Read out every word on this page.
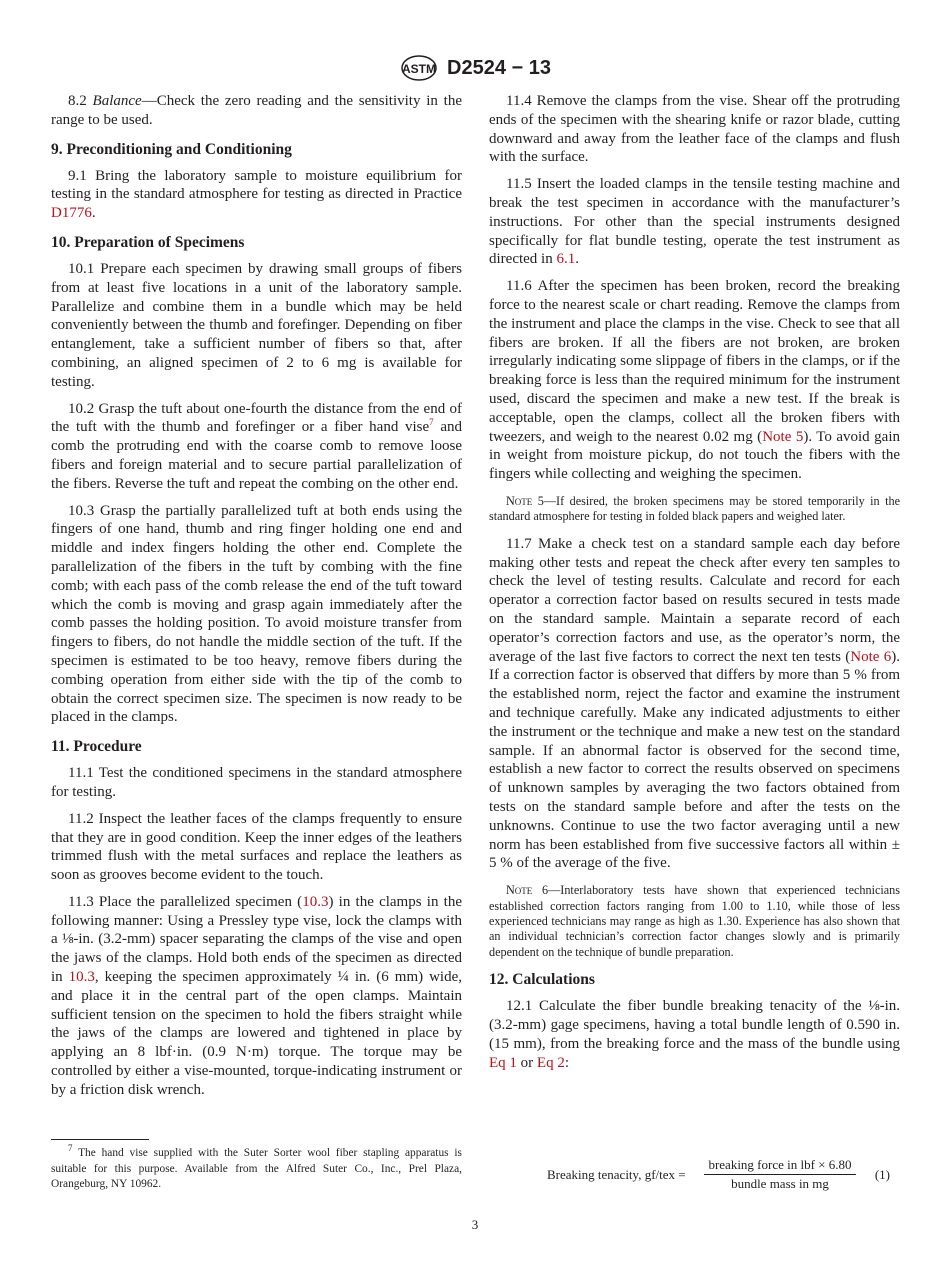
ASTM D2524 − 13

8.2 Balance—Check the zero reading and the sensitivity in the range to be used.

9. Preconditioning and Conditioning

9.1 Bring the laboratory sample to moisture equilibrium for testing in the standard atmosphere for testing as directed in Practice D1776.

10. Preparation of Specimens

10.1 Prepare each specimen by drawing small groups of fibers from at least five locations in a unit of the laboratory sample. Parallelize and combine them in a bundle which may be held conveniently between the thumb and forefinger. Depending on fiber entanglement, take a sufficient number of fibers so that, after combining, an aligned specimen of 2 to 6 mg is available for testing.

10.2 Grasp the tuft about one-fourth the distance from the end of the tuft with the thumb and forefinger or a fiber hand vise$^7$ and comb the protruding end with the coarse comb to remove loose fibers and foreign material and to secure partial parallelization of the fibers. Reverse the tuft and repeat the combing on the other end.

10.3 Grasp the partially parallelized tuft at both ends using the fingers of one hand, thumb and ring finger holding one end and middle and index fingers holding the other end. Complete the parallelization of the fibers in the tuft by combing with the fine comb; with each pass of the comb release the end of the tuft toward which the comb is moving and grasp again immediately after the comb passes the holding position. To avoid moisture transfer from fingers to fibers, do not handle the middle section of the tuft. If the specimen is estimated to be too heavy, remove fibers during the combing operation from either side with the tip of the comb to obtain the correct specimen size. The specimen is now ready to be placed in the clamps.

11. Procedure

11.1 Test the conditioned specimens in the standard atmosphere for testing.

11.2 Inspect the leather faces of the clamps frequently to ensure that they are in good condition. Keep the inner edges of the leathers trimmed flush with the metal surfaces and replace the leathers as soon as grooves become evident to the touch.

11.3 Place the parallelized specimen (10.3) in the clamps in the following manner: Using a Pressley type vise, lock the clamps with a ⅛-in. (3.2-mm) spacer separating the clamps of the vise and open the jaws of the clamps. Hold both ends of the specimen as directed in 10.3, keeping the specimen approximately ¼ in. (6 mm) wide, and place it in the central part of the open clamps. Maintain sufficient tension on the specimen to hold the fibers straight while the jaws of the clamps are lowered and tightened in place by applying an 8 lbf·in. (0.9 N·m) torque. The torque may be controlled by either a vise-mounted, torque-indicating instrument or by a friction disk wrench.

$^7$ The hand vise supplied with the Suter Sorter wool fiber stapling apparatus is suitable for this purpose. Available from the Alfred Suter Co., Inc., Prel Plaza, Orangeburg, NY 10962.

11.4 Remove the clamps from the vise. Shear off the protruding ends of the specimen with the shearing knife or razor blade, cutting downward and away from the leather face of the clamps and flush with the surface.

11.5 Insert the loaded clamps in the tensile testing machine and break the test specimen in accordance with the manufacturer’s instructions. For other than the special instruments designed specifically for flat bundle testing, operate the test instrument as directed in 6.1.

11.6 After the specimen has been broken, record the breaking force to the nearest scale or chart reading. Remove the clamps from the instrument and place the clamps in the vise. Check to see that all fibers are broken. If all the fibers are not broken, are broken irregularly indicating some slippage of fibers in the clamps, or if the breaking force is less than the required minimum for the instrument used, discard the specimen and make a new test. If the break is acceptable, open the clamps, collect all the broken fibers with tweezers, and weigh to the nearest 0.02 mg (Note 5). To avoid gain in weight from moisture pickup, do not touch the fibers with the fingers while collecting and weighing the specimen.

Note 5—If desired, the broken specimens may be stored temporarily in the standard atmosphere for testing in folded black papers and weighed later.

11.7 Make a check test on a standard sample each day before making other tests and repeat the check after every ten samples to check the level of testing results. Calculate and record for each operator a correction factor based on results secured in tests made on the standard sample. Maintain a separate record of each operator’s correction factors and use, as the operator’s norm, the average of the last five factors to correct the next ten tests (Note 6). If a correction factor is observed that differs by more than 5 % from the established norm, reject the factor and examine the instrument and technique carefully. Make any indicated adjustments to either the instrument or the technique and make a new test on the standard sample. If an abnormal factor is observed for the second time, establish a new factor to correct the results observed on specimens of unknown samples by averaging the two factors obtained from tests on the standard sample before and after the tests on the unknowns. Continue to use the two factor averaging until a new norm has been established from five successive factors all within ± 5 % of the average of the five.

Note 6—Interlaboratory tests have shown that experienced technicians established correction factors ranging from 1.00 to 1.10, while those of less experienced technicians may range as high as 1.30. Experience has also shown that an individual technician’s correction factor changes slowly and is primarily dependent on the technique of bundle preparation.

12. Calculations

12.1 Calculate the fiber bundle breaking tenacity of the ⅛-in. (3.2-mm) gage specimens, having a total bundle length of 0.590 in. (15 mm), from the breaking force and the mass of the bundle using Eq 1 or Eq 2:

Breaking tenacity, gf/tex =
breaking force in lbf × 6.80
bundle mass in mg
(1)
3
